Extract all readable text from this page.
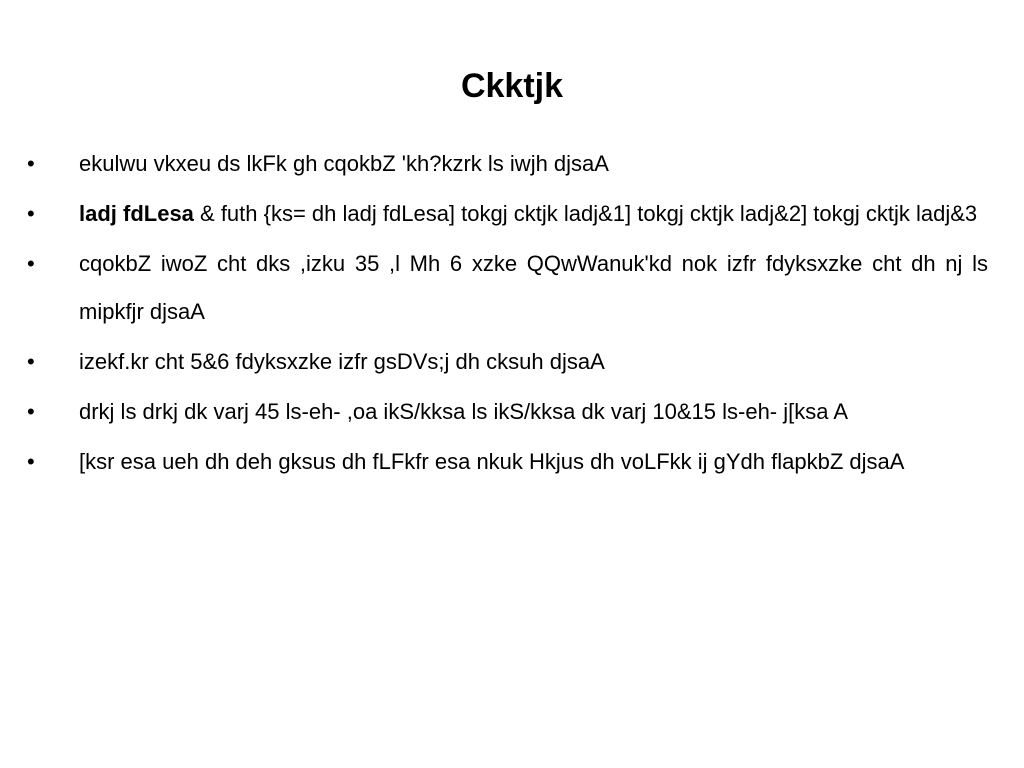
Ckktjk
• ekulwu vkxeu ds lkFk gh cqokbZ 'kh?kzrk ls iwjh djsaA
• ladj fdLesa & futh {ks= dh ladj fdLesa] tokgj cktjk ladj&1] tokgj cktjk ladj&2] tokgj cktjk ladj&3
• cqokbZ iwoZ cht dks ,izku 35 ,l Mh 6 xzke QQwWanuk'kd nok izfr fdyksxzke cht dh nj ls mipkfjr djsaA
• izekf.kr cht 5&6 fdyksxzke izfr gsDVs;j dh cksuh djsaA
• drkj ls drkj dk varj 45 ls-eh- ,oa ikS/kksa ls ikS/kksa dk varj 10&15 ls-eh- j[ksa A
• [ksr esa ueh dh deh gksus dh fLFkfr esa nkuk Hkjus dh voLFkk ij gYdh flapkbZ djsaA
